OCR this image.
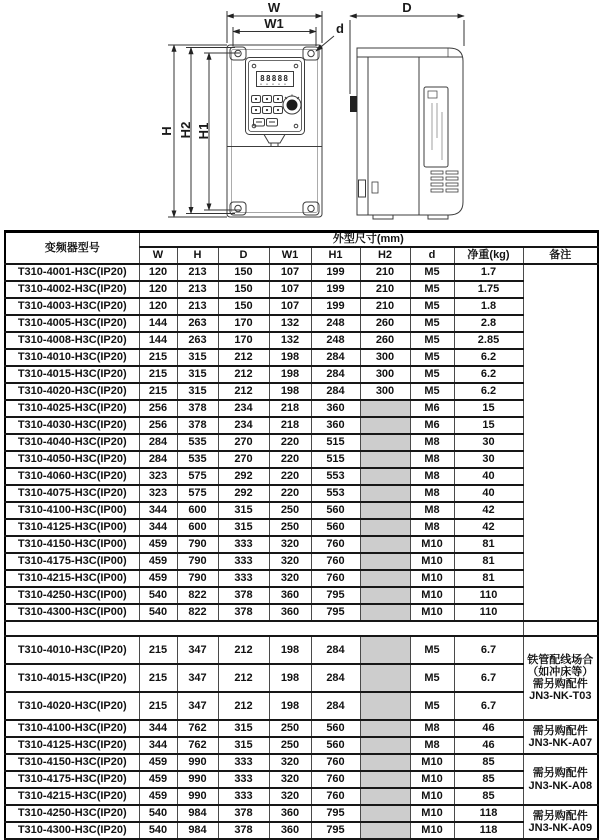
88888
W
W1	d
H H2 H1
D
变频器型号	外型尺寸(mm)								
	W	H	D	W1	H1	H2	d	净重(kg)	备注
T310-4001-H3C(IP20)	120	213	150	107	199	210	M5	1.7	
T310-4002-H3C(IP20)	120	213	150	107	199	210	M5	1.75	
T310-4003-H3C(IP20)	120	213	150	107	199	210	M5	1.8	
T310-4005-H3C(IP20)	144	263	170	132	248	260	M5	2.8	
T310-4008-H3C(IP20)	144	263	170	132	248	260	M5	2.85	
T310-4010-H3C(IP20)	215	315	212	198	284	300	M5	6.2	
T310-4015-H3C(IP20)	215	315	212	198	284	300	M5	6.2	
T310-4020-H3C(IP20)	215	315	212	198	284	300	M5	6.2	
T310-4025-H3C(IP20)	256	378	234	218	360		M6	15	
T310-4030-H3C(IP20)	256	378	234	218	360		M6	15	
T310-4040-H3C(IP20)	284	535	270	220	515		M8	30	
T310-4050-H3C(IP20)	284	535	270	220	515		M8	30	
T310-4060-H3C(IP20)	323	575	292	220	553		M8	40	
T310-4075-H3C(IP20)	323	575	292	220	553		M8	40	
T310-4100-H3C(IP00)	344	600	315	250	560		M8	42	
T310-4125-H3C(IP00)	344	600	315	250	560		M8	42	
T310-4150-H3C(IP00)	459	790	333	320	760		M10	81	
T310-4175-H3C(IP00)	459	790	333	320	760		M10	81	
T310-4215-H3C(IP00)	459	790	333	320	760		M10	81	
T310-4250-H3C(IP00)	540	822	378	360	795		M10	110	
T310-4300-H3C(IP00)	540	822	378	360	795		M10	110	

T310-4010-H3C(IP20)	215	347	212	198	284		M5	6.7	铁管配线场合
（如冲床等）
需另购配件
JN3-NK-T03

T310-4015-H3C(IP20)	215	347	212	198	284		M5	6.7	
T310-4020-H3C(IP20)	215	347	212	198	284		M5	6.7	
T310-4100-H3C(IP20)	344	762	315	250	560		M8	46	需另购配件
JN3-NK-A07

T310-4125-H3C(IP20)	344	762	315	250	560		M8	46	
T310-4150-H3C(IP20)	459	990	333	320	760		M10	85	需另购配件
JN3-NK-A08

T310-4175-H3C(IP20)	459	990	333	320	760		M10	85	
T310-4215-H3C(IP20)	459	990	333	320	760		M10	85	
T310-4250-H3C(IP20)	540	984	378	360	795		M10	118	需另购配件
JN3-NK-A09

T310-4300-H3C(IP20)	540	984	378	360	795		M10	118	
